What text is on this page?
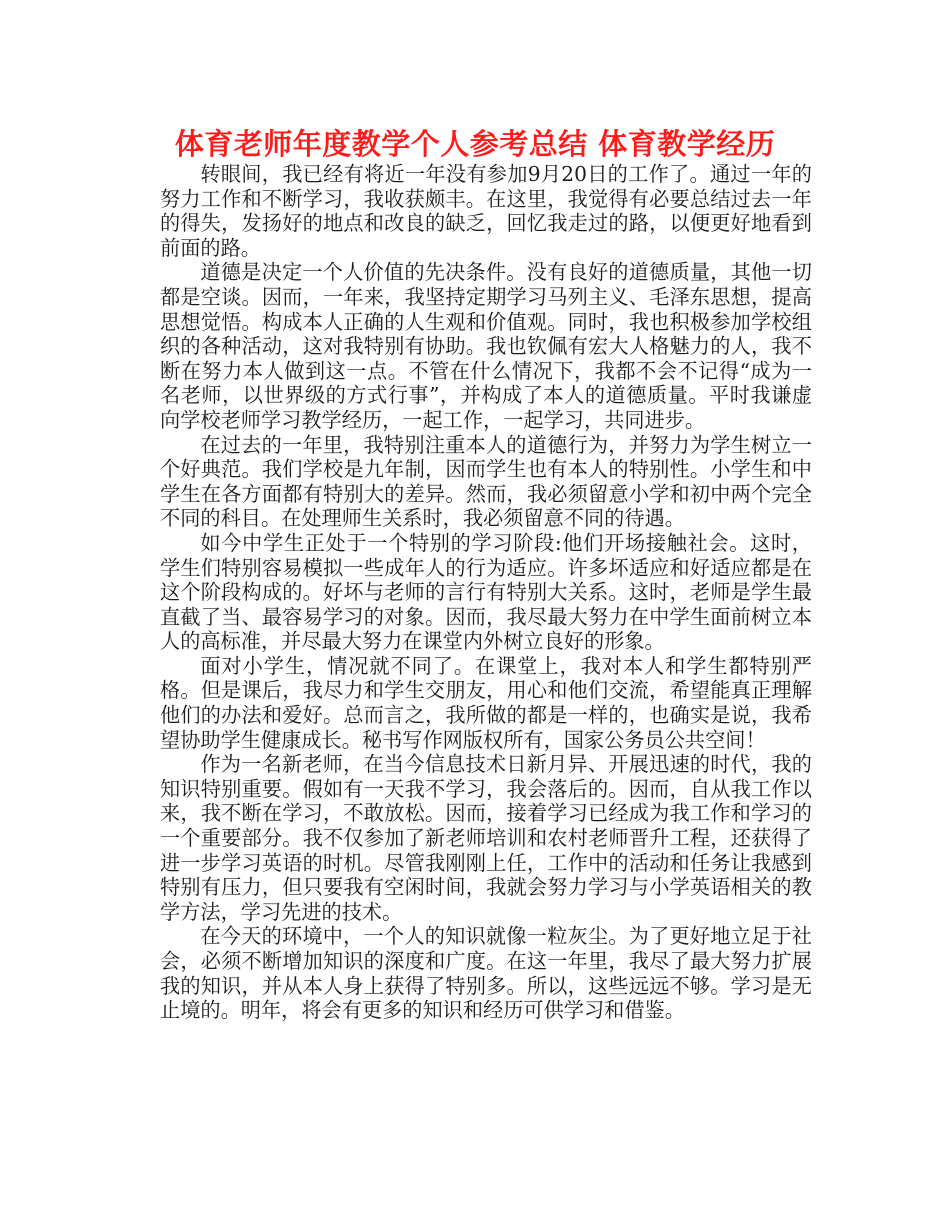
体育老师年度教学个人参考总结 体育教学经历

转眼间，我已经有将近一年没有参加9月20日的工作了。通过一年的努力工作和不断学习，我收获颇丰。在这里，我觉得有必要总结过去一年的得失，发扬好的地点和改良的缺乏，回忆我走过的路，以便更好地看到前面的路。

道德是决定一个人价值的先决条件。没有良好的道德质量，其他一切都是空谈。因而，一年来，我坚持定期学习马列主义、毛泽东思想，提高思想觉悟。构成本人正确的人生观和价值观。同时，我也积极参加学校组织的各种活动，这对我特别有协助。我也钦佩有宏大人格魅力的人，我不断在努力本人做到这一点。不管在什么情况下，我都不会不记得“成为一名老师，以世界级的方式行事”，并构成了本人的道德质量。平时我谦虚向学校老师学习教学经历，一起工作，一起学习，共同进步。

在过去的一年里，我特别注重本人的道德行为，并努力为学生树立一个好典范。我们学校是九年制，因而学生也有本人的特别性。小学生和中学生在各方面都有特别大的差异。然而，我必须留意小学和初中两个完全不同的科目。在处理师生关系时，我必须留意不同的待遇。

如今中学生正处于一个特别的学习阶段:他们开场接触社会。这时，学生们特别容易模拟一些成年人的行为适应。许多坏适应和好适应都是在这个阶段构成的。好坏与老师的言行有特别大关系。这时，老师是学生最直截了当、最容易学习的对象。因而，我尽最大努力在中学生面前树立本人的高标准，并尽最大努力在课堂内外树立良好的形象。

面对小学生，情况就不同了。在课堂上，我对本人和学生都特别严格。但是课后，我尽力和学生交朋友，用心和他们交流，希望能真正理解他们的办法和爱好。总而言之，我所做的都是一样的，也确实是说，我希望协助学生健康成长。秘书写作网版权所有，国家公务员公共空间！

作为一名新老师，在当今信息技术日新月异、开展迅速的时代，我的知识特别重要。假如有一天我不学习，我会落后的。因而，自从我工作以来，我不断在学习，不敢放松。因而，接着学习已经成为我工作和学习的一个重要部分。我不仅参加了新老师培训和农村老师晋升工程，还获得了进一步学习英语的时机。尽管我刚刚上任，工作中的活动和任务让我感到特别有压力，但只要我有空闲时间，我就会努力学习与小学英语相关的教学方法，学习先进的技术。

在今天的环境中，一个人的知识就像一粒灰尘。为了更好地立足于社会，必须不断增加知识的深度和广度。在这一年里，我尽了最大努力扩展我的知识，并从本人身上获得了特别多。所以，这些远远不够。学习是无止境的。明年，将会有更多的知识和经历可供学习和借鉴。
